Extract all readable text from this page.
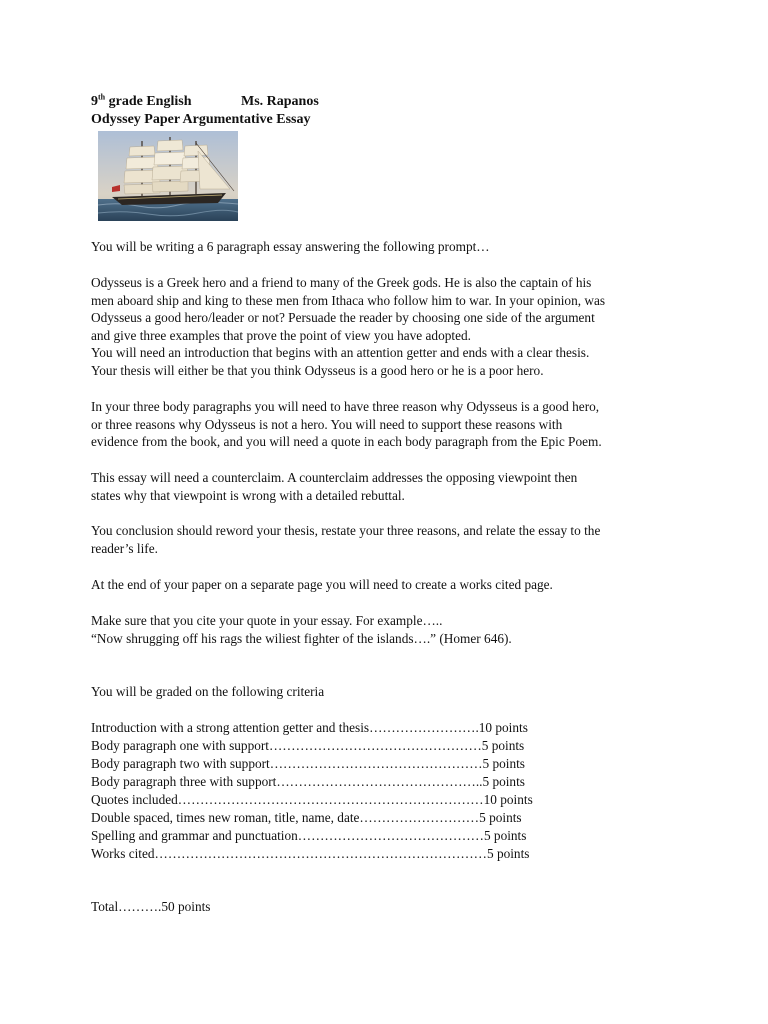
9th grade English	Ms. Rapanos
Odyssey Paper Argumentative Essay

You will be writing a 6 paragraph essay answering the following prompt…

Odysseus is a Greek hero and a friend to many of the Greek gods. He is also the captain of his

men aboard ship and king to these men from Ithaca who follow him to war. In your opinion, was

Odysseus a good hero/leader or not? Persuade the reader by choosing one side of the argument

and give three examples that prove the point of view you have adopted.

You will need an introduction that begins with an attention getter and ends with a clear thesis.

Your thesis will either be that you think Odysseus is a good hero or he is a poor hero.

In your three body paragraphs you will need to have three reason why Odysseus is a good hero,

or three reasons why Odysseus is not a hero. You will need to support these reasons with

evidence from the book, and you will need a quote in each body paragraph from the Epic Poem.

This essay will need a counterclaim. A counterclaim addresses the opposing viewpoint then

states why that viewpoint is wrong with a detailed rebuttal.

You conclusion should reword your thesis, restate your three reasons, and relate the essay to the

reader’s life.

At the end of your paper on a separate page you will need to create a works cited page.

Make sure that you cite your quote in your essay. For example…..

“Now shrugging off his rags the wiliest fighter of the islands….” (Homer 646).

You will be graded on the following criteria

Introduction with a strong attention getter and thesis…………………….10 points
Body paragraph one with support…………………………………………5 points
Body paragraph two with support…………………………………………5 points
Body paragraph three with support………………………………………..5 points
Quotes included……………………………………………………………10 points
Double spaced, times new roman, title, name, date………………………5 points
Spelling and grammar and punctuation……………………………………5 points
Works cited…………………………………………………………………5 points

Total……….50 points
